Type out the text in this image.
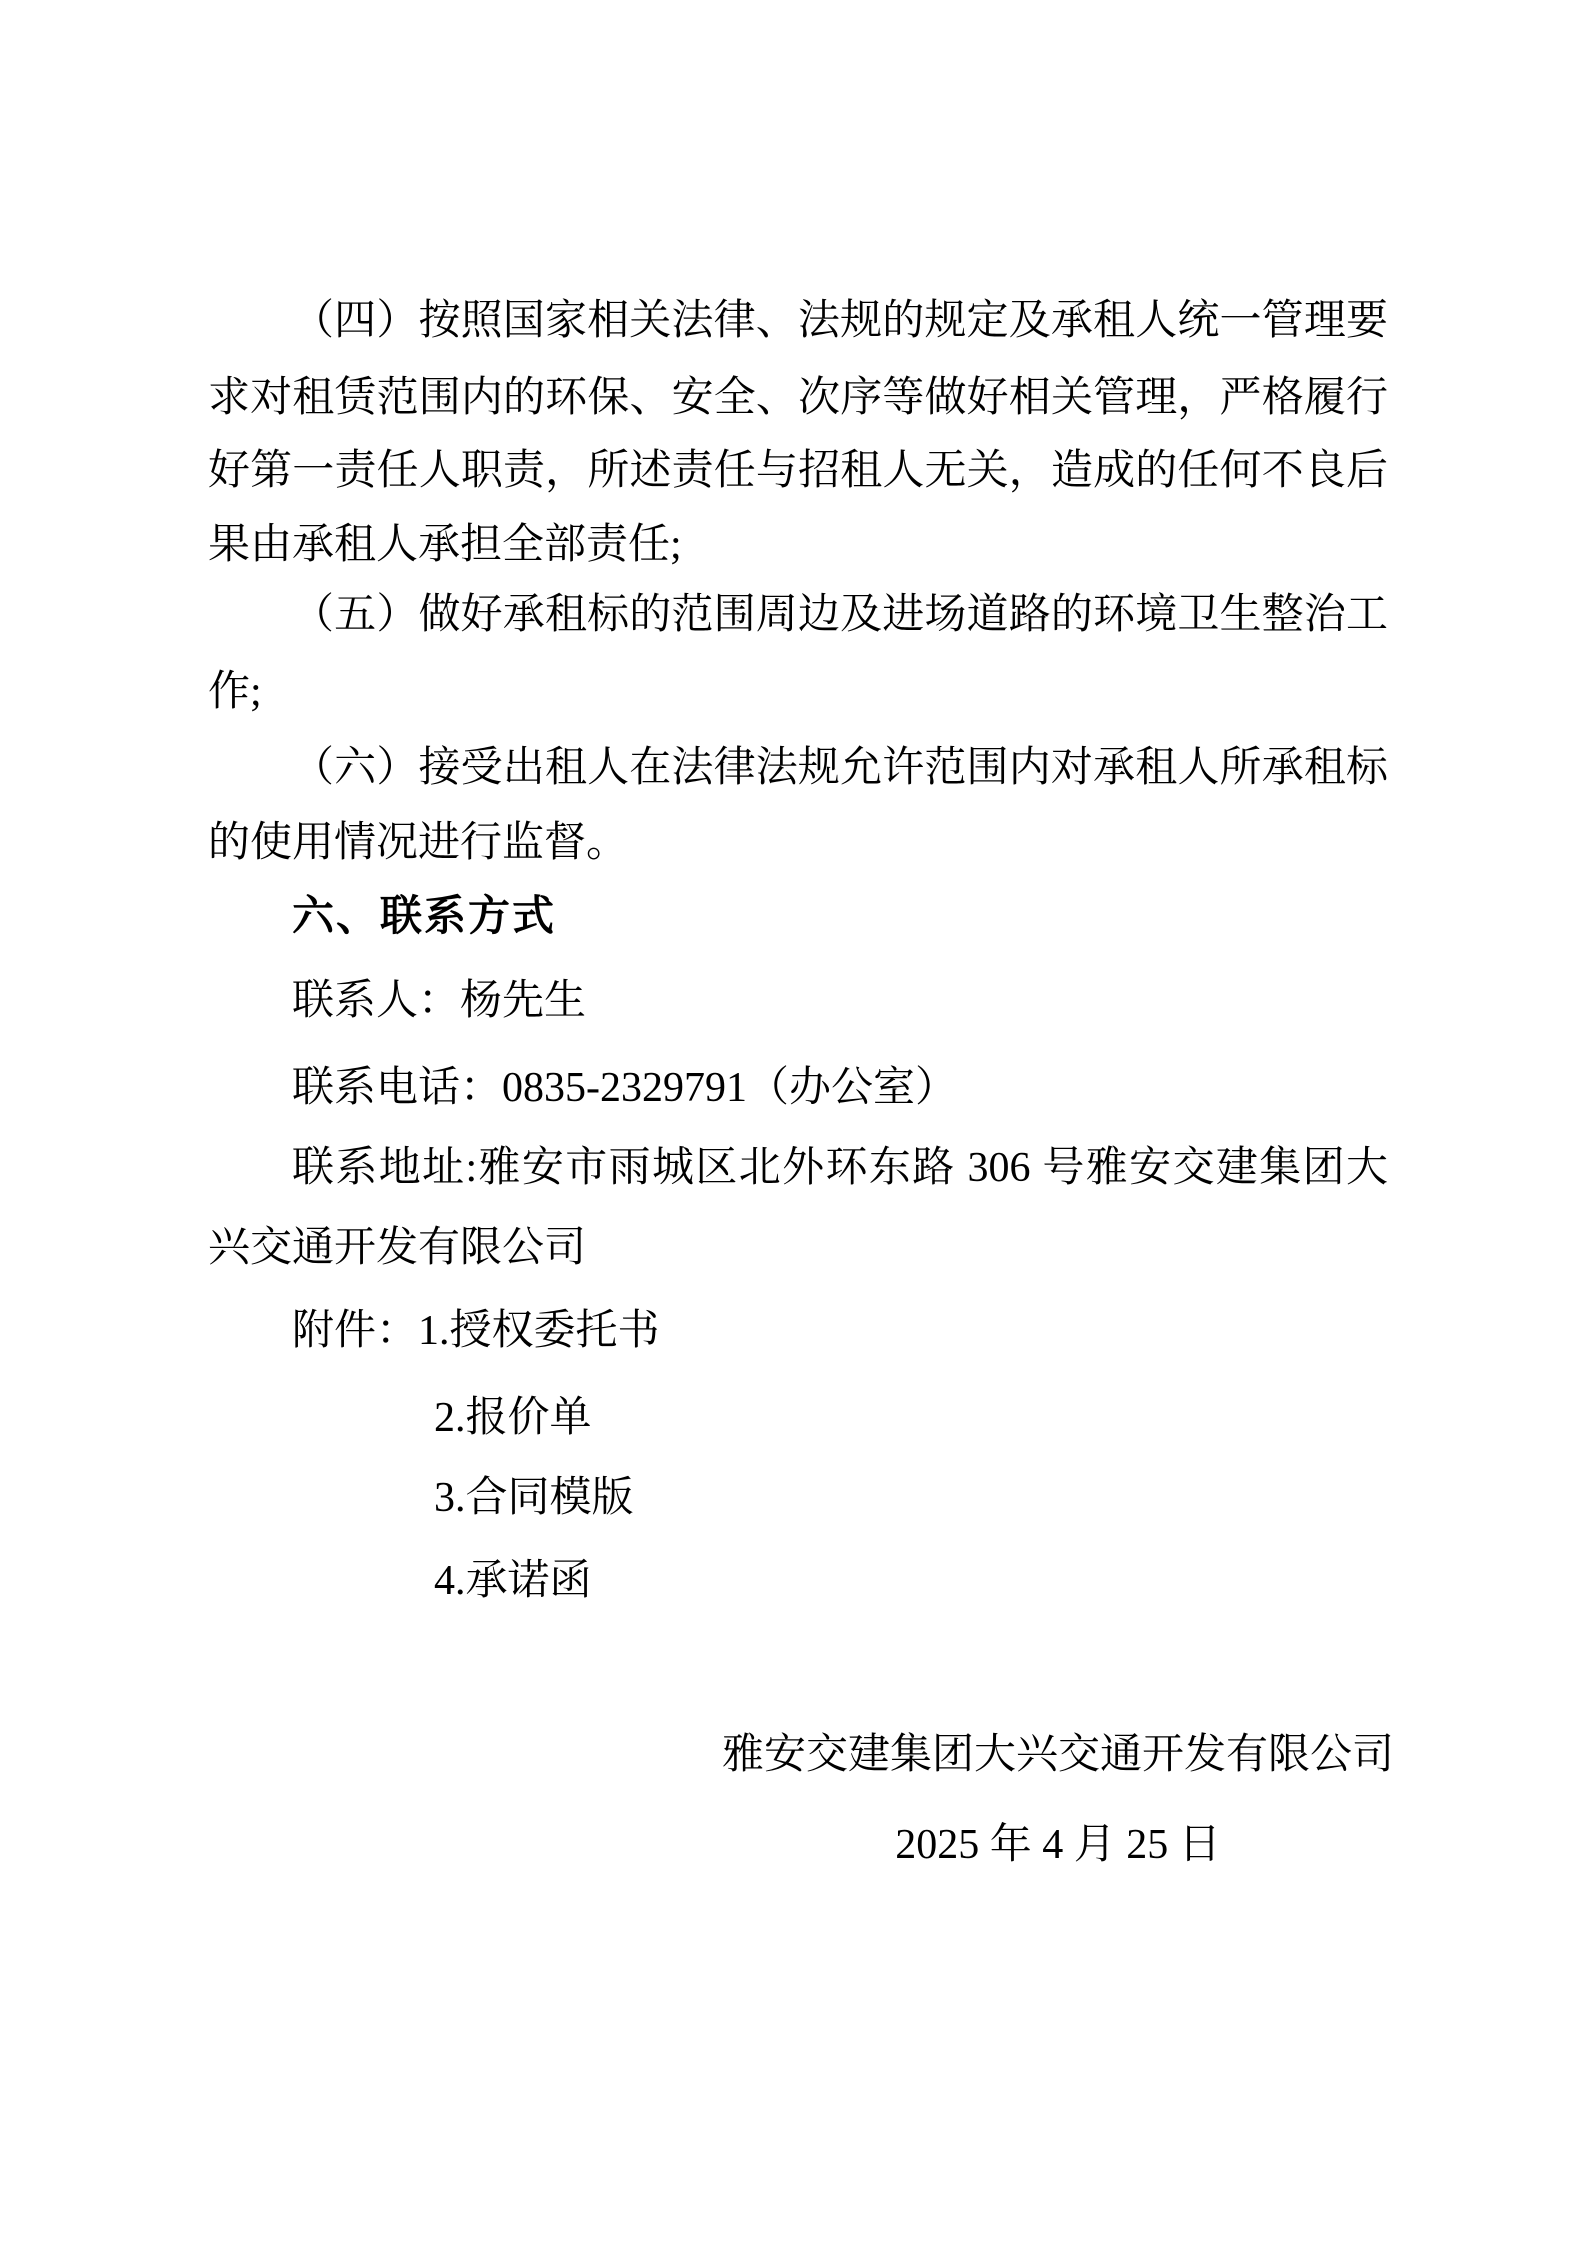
（四）按照国家相关法律、法规的规定及承租人统一管理要
求对租赁范围内的环保、安全、次序等做好相关管理，严格履行
好第一责任人职责，所述责任与招租人无关，造成的任何不良后
果由承租人承担全部责任;
（五）做好承租标的范围周边及进场道路的环境卫生整治工
作;
（六）接受出租人在法律法规允许范围内对承租人所承租标
的使用情况进行监督。
六、联系方式
联系人：杨先生
联系电话：0835-2329791（办公室）
联系地址:雅安市雨城区北外环东路 306 号雅安交建集团大
兴交通开发有限公司
附件：1.授权委托书
2.报价单
3.合同模版
4.承诺函
雅安交建集团大兴交通开发有限公司
2025 年 4 月 25 日
